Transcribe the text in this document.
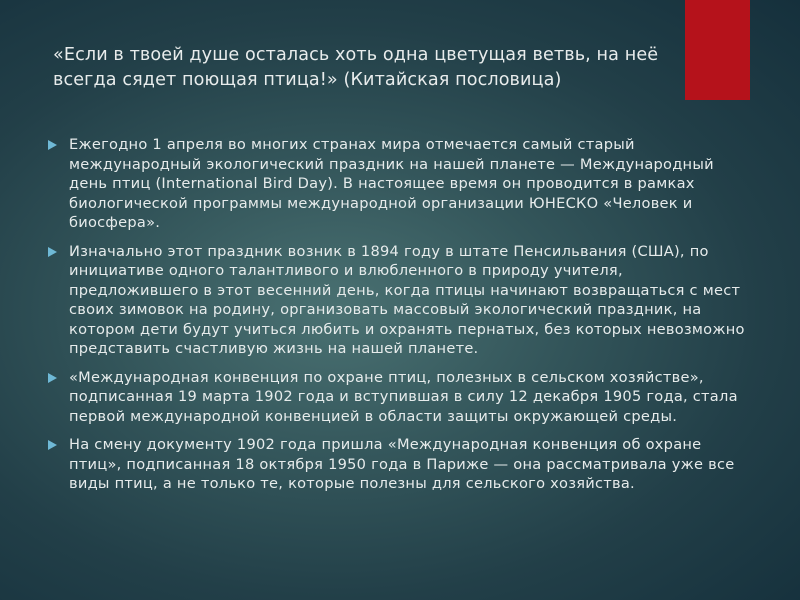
«Если в твоей душе осталась хоть одна цветущая ветвь, на неё всегда сядет поющая птица!» (Китайская пословица)
Ежегодно 1 апреля во многих странах мира отмечается самый старый международный экологический праздник на нашей планете — Международный день птиц (International Bird Day). В настоящее время он проводится в рамках биологической программы международной организации ЮНЕСКО «Человек и биосфера».
Изначально этот праздник возник в 1894 году в штате Пенсильвания (США), по инициативе одного талантливого и влюбленного в природу учителя, предложившего в этот весенний день, когда птицы начинают возвращаться с мест своих зимовок на родину, организовать массовый экологический праздник, на котором дети будут учиться любить и охранять пернатых, без которых невозможно представить счастливую жизнь на нашей планете.
«Международная конвенция по охране птиц, полезных в сельском хозяйстве», подписанная 19 марта 1902 года и вступившая в силу 12 декабря 1905 года, стала первой международной конвенцией в области защиты окружающей среды.
На смену документу 1902 года пришла «Международная конвенция об охране птиц», подписанная 18 октября 1950 года в Париже — она рассматривала уже все виды птиц, а не только те, которые полезны для сельского хозяйства.
